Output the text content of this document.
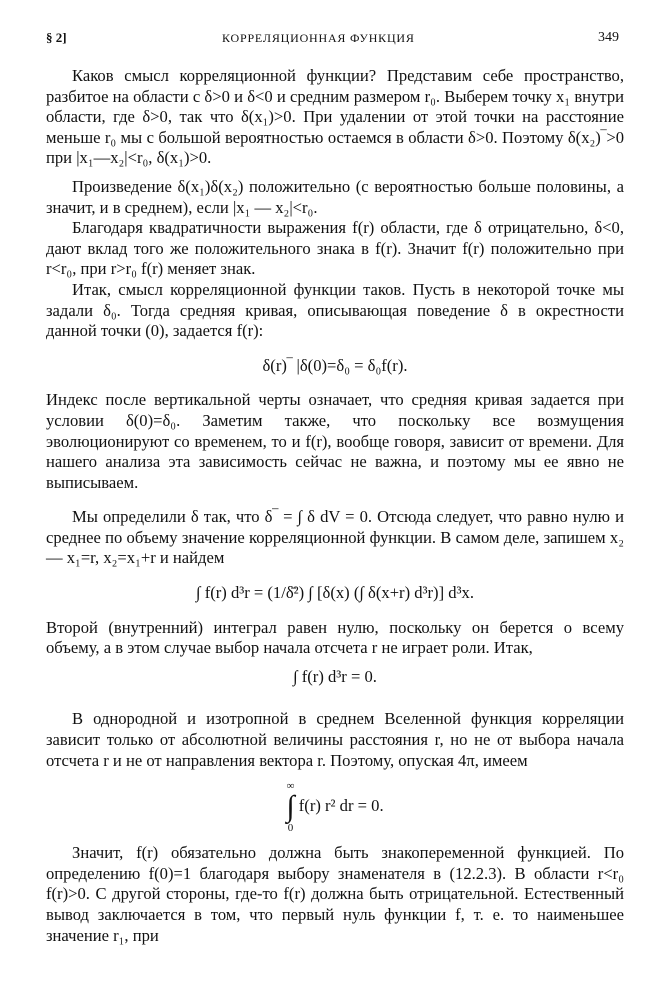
§ 2]	КОРРЕЛЯЦИОННАЯ ФУНКЦИЯ	349

Каков смысл корреляционной функции? Представим себе пространство, разбитое на области с δ>0 и δ<0 и средним размером r₀. Выберем точку x₁ внутри области, где δ>0, так что δ(x₁)>0. При удалении от этой точки на расстояние меньше r₀ мы с большой вероятностью остаемся в области δ>0. Поэтому δ(x₂)‾>0 при |x₁—x₂|<r₀, δ(x₁)>0.

Произведение δ(x₁)δ(x₂) положительно (с вероятностью больше половины, а значит, и в среднем), если |x₁ — x₂|<r₀.

Благодаря квадратичности выражения f(r) области, где δ отрицательно, δ<0, дают вклад того же положительного знака в f(r). Значит f(r) положительно при r<r₀, при r>r₀ f(r) меняет знак.

Итак, смысл корреляционной функции таков. Пусть в некоторой точке мы задали δ₀. Тогда средняя кривая, описывающая поведение δ в окрестности данной точки (0), задается f(r):

δ(r)‾ |δ(0)=δ₀ = δ₀f(r).

Индекс после вертикальной черты означает, что средняя кривая задается при условии δ(0)=δ₀. Заметим также, что поскольку все возмущения эволюционируют со временем, то и f(r), вообще говоря, зависит от времени. Для нашего анализа эта зависимость сейчас не важна, и поэтому мы ее явно не выписываем.

Мы определили δ так, что δ‾ = ∫ δ dV = 0. Отсюда следует, что равно нулю и среднее по объему значение корреляционной функции. В самом деле, запишем x₂ — x₁=r, x₂=x₁+r и найдем

∫ f(r) d³r = (1/δ̄²) ∫ [δ(x) (∫ δ(x+r) d³r)] d³x.

Второй (внутренний) интеграл равен нулю, поскольку он берется о всему объему, а в этом случае выбор начала отсчета r не играет роли. Итак,

∫ f(r) d³r = 0.

В однородной и изотропной в среднем Вселенной функция корреляции зависит только от абсолютной величины расстояния r, но не от выбора начала отсчета r и не от направления вектора r. Поэтому, опуская 4π, имеем

∞
∫
0
f(r) r² dr = 0.

Значит, f(r) обязательно должна быть знакопеременной функцией. По определению f(0)=1 благодаря выбору знаменателя в (12.2.3). В области r<r₀ f(r)>0. С другой стороны, где-то f(r) должна быть отрицательной. Естественный вывод заключается в том, что первый нуль функции f, т. е. то наименьшее значение r₁, при
